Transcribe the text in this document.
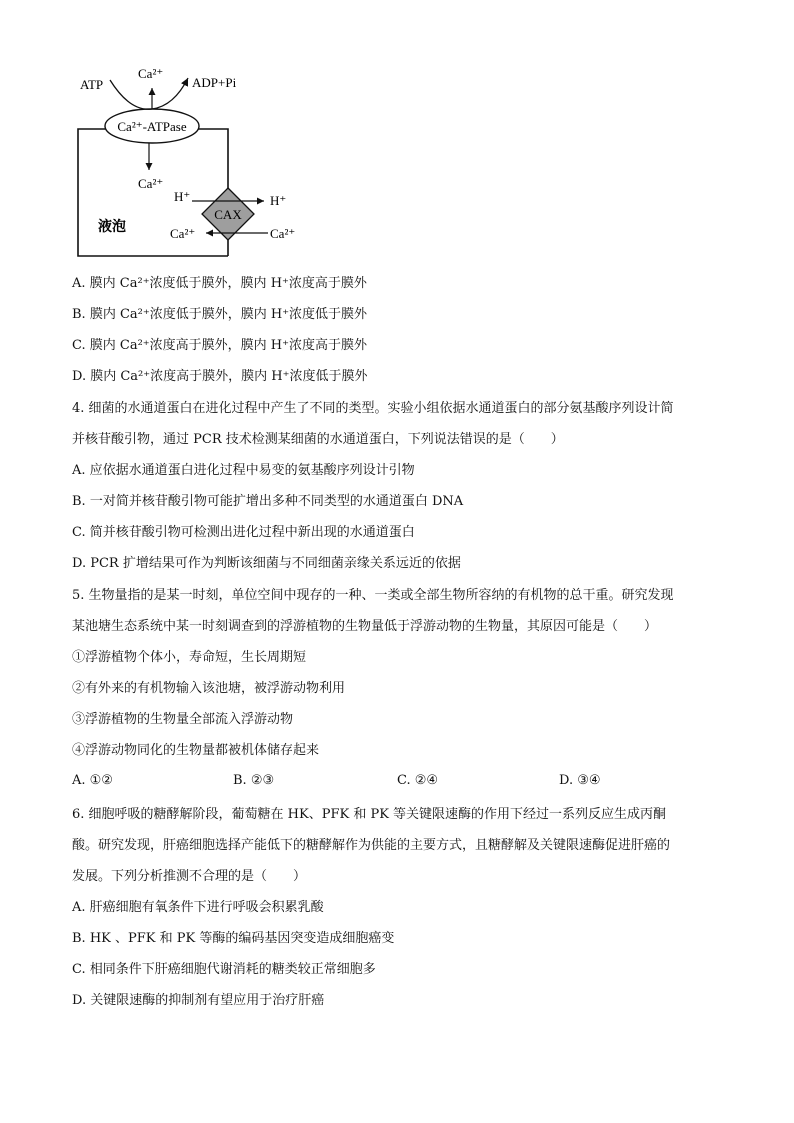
Ca²⁺-ATPase
ATP
Ca²⁺
ADP+Pi
Ca²⁺
CAX
H⁺	H⁺
Ca²⁺	Ca²⁺
液泡
A. 膜内 Ca²⁺浓度低于膜外，膜内 H⁺浓度高于膜外
B. 膜内 Ca²⁺浓度低于膜外，膜内 H⁺浓度低于膜外
C. 膜内 Ca²⁺浓度高于膜外，膜内 H⁺浓度高于膜外
D. 膜内 Ca²⁺浓度高于膜外，膜内 H⁺浓度低于膜外
4. 细菌的水通道蛋白在进化过程中产生了不同的类型。实验小组依据水通道蛋白的部分氨基酸序列设计简
并核苷酸引物，通过 PCR 技术检测某细菌的水通道蛋白，下列说法错误的是（　　）
A. 应依据水通道蛋白进化过程中易变的氨基酸序列设计引物
B. 一对简并核苷酸引物可能扩增出多种不同类型的水通道蛋白 DNA
C. 简并核苷酸引物可检测出进化过程中新出现的水通道蛋白
D. PCR 扩增结果可作为判断该细菌与不同细菌亲缘关系远近的依据
5. 生物量指的是某一时刻，单位空间中现存的一种、一类或全部生物所容纳的有机物的总干重。研究发现
某池塘生态系统中某一时刻调查到的浮游植物的生物量低于浮游动物的生物量，其原因可能是（　　）
①浮游植物个体小，寿命短，生长周期短
②有外来的有机物输入该池塘，被浮游动物利用
③浮游植物的生物量全部流入浮游动物
④浮游动物同化的生物量都被机体储存起来
A. ①②	B. ②③	C. ②④	D. ③④
6. 细胞呼吸的糖酵解阶段，葡萄糖在 HK、PFK 和 PK 等关键限速酶的作用下经过一系列反应生成丙酮
酸。研究发现，肝癌细胞选择产能低下的糖酵解作为供能的主要方式，且糖酵解及关键限速酶促进肝癌的
发展。下列分析推测不合理的是（　　）
A. 肝癌细胞有氧条件下进行呼吸会积累乳酸
B. HK 、PFK 和 PK 等酶的编码基因突变造成细胞癌变
C. 相同条件下肝癌细胞代谢消耗的糖类较正常细胞多
D. 关键限速酶的抑制剂有望应用于治疗肝癌
